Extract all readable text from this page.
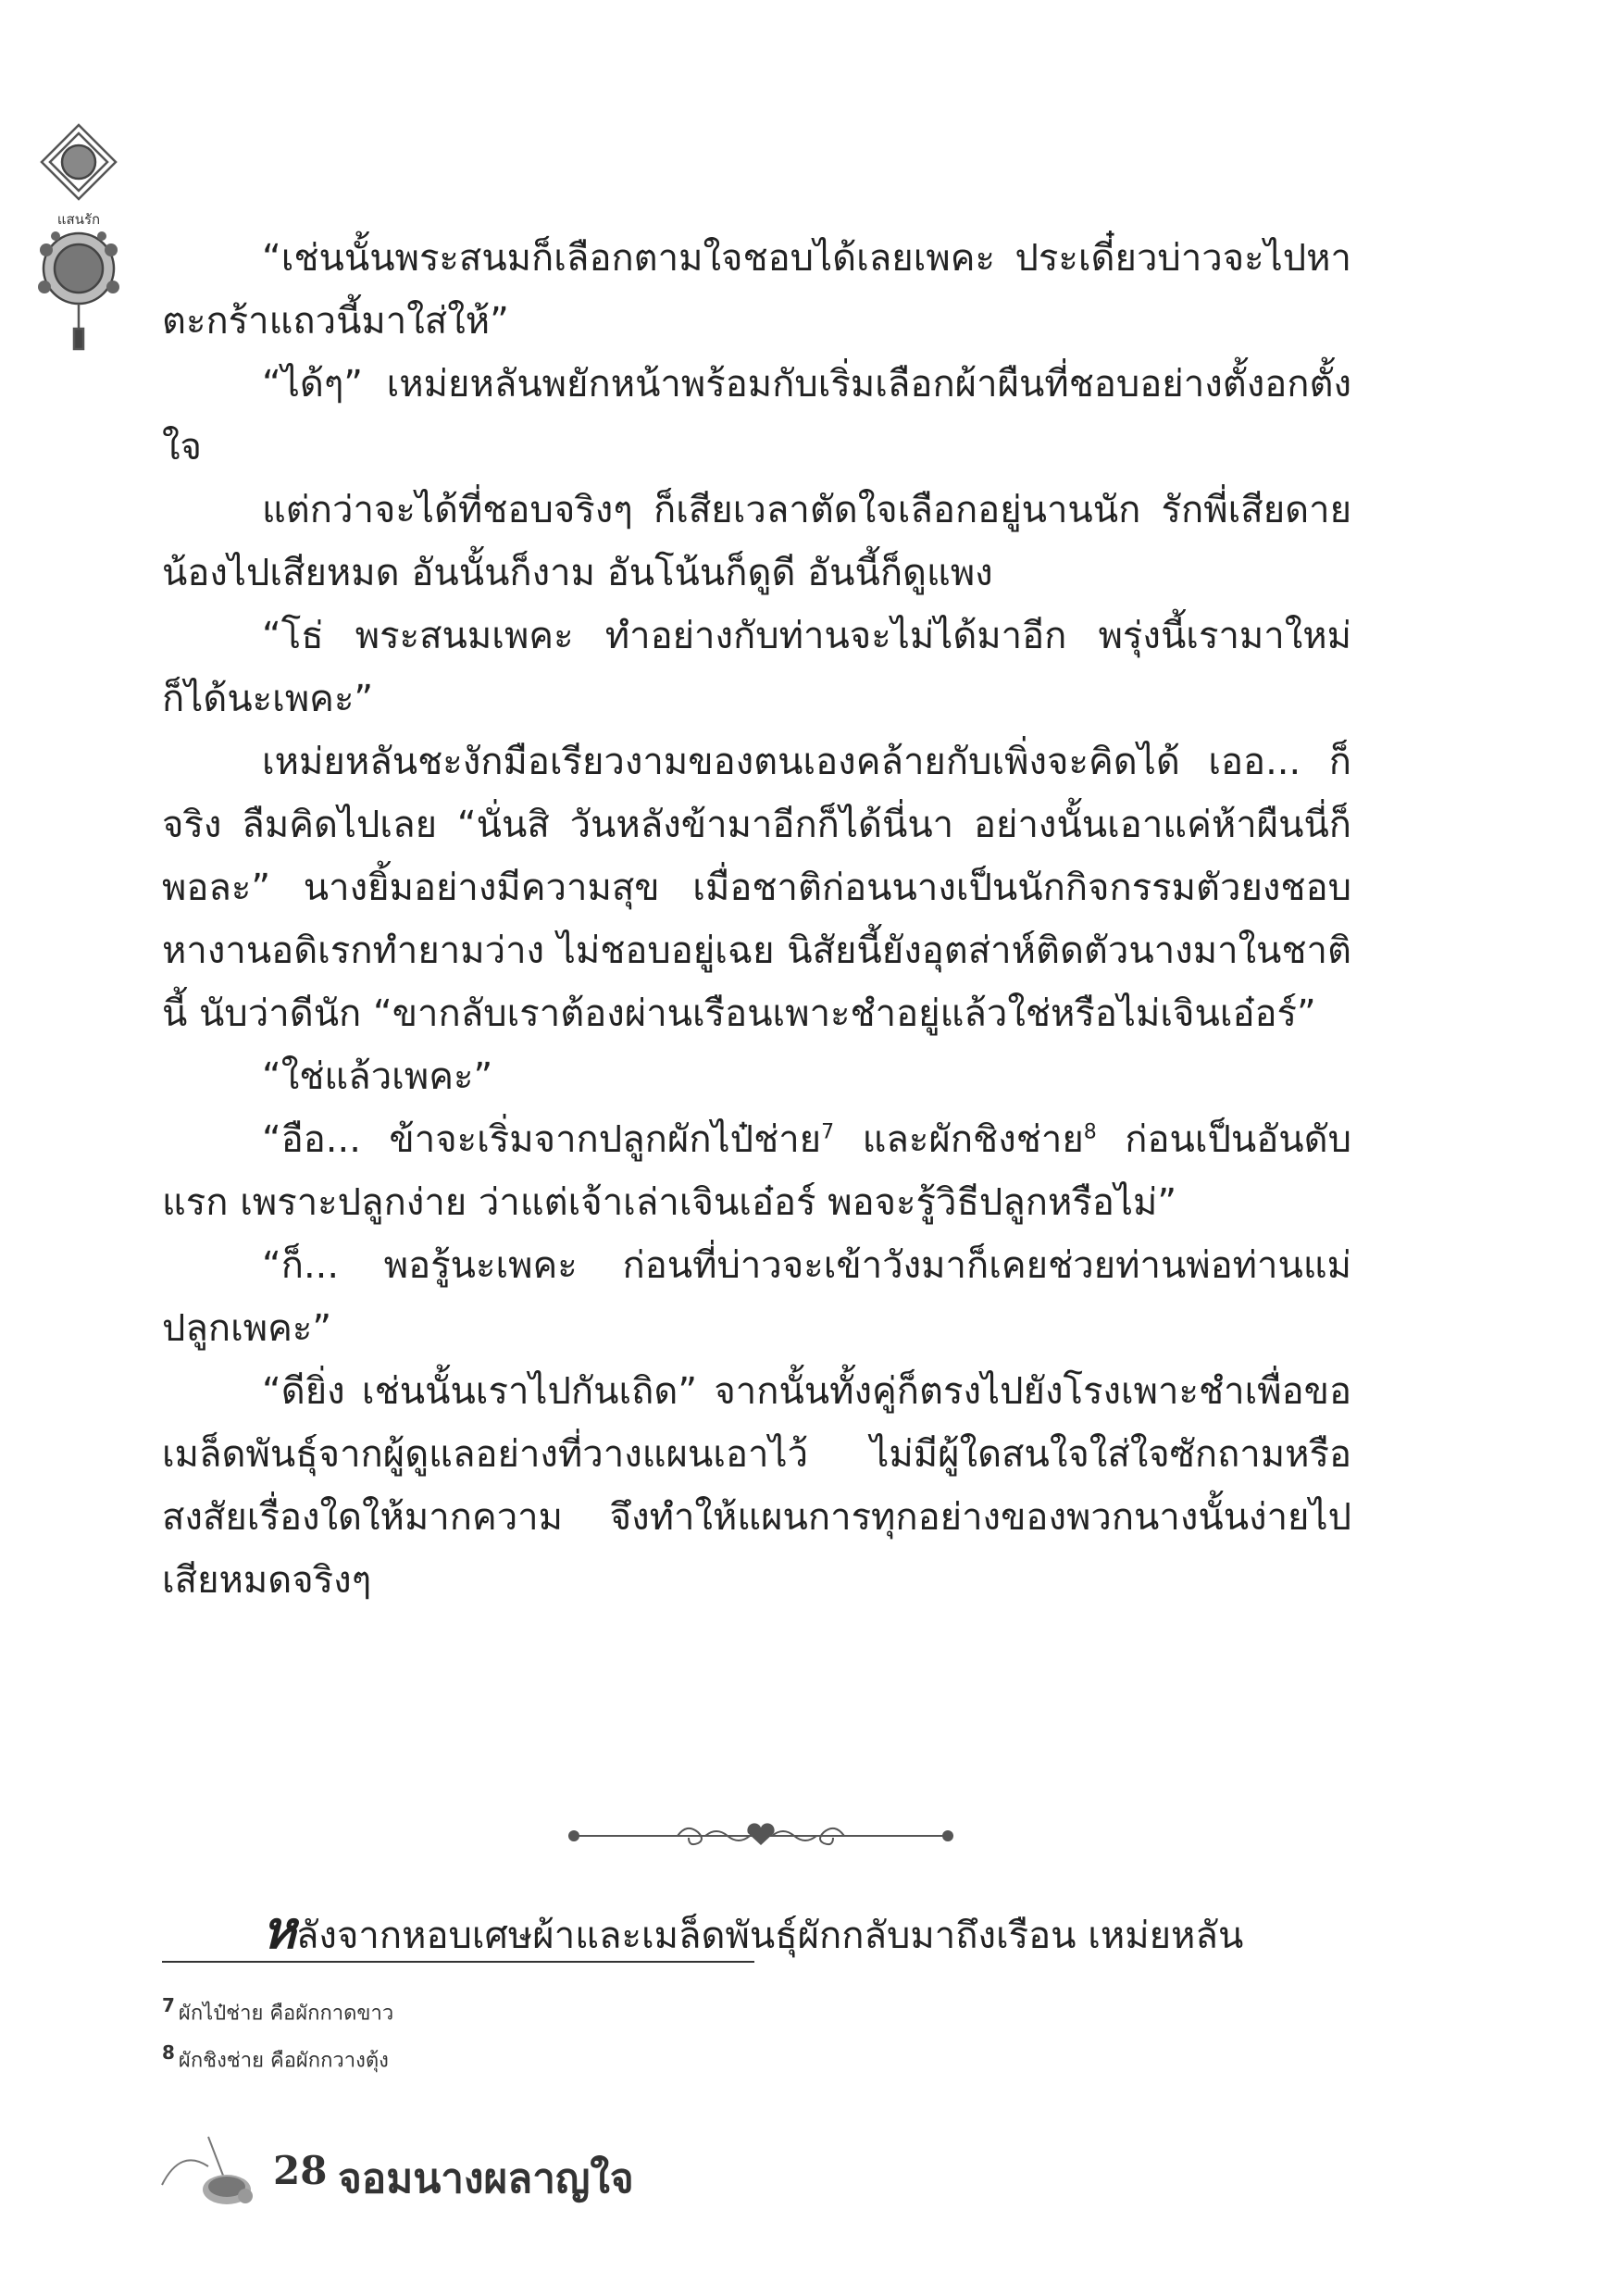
แสนรัก

“เช่นนั้นพระสนมก็เลือกตามใจชอบได้เลยเพคะ ประเดี๋ยวบ่าวจะไปหาตะกร้าแถวนี้มาใส่ให้”

“ได้ๆ” เหม่ยหลันพยักหน้าพร้อมกับเริ่มเลือกผ้าผืนที่ชอบอย่างตั้งอกตั้งใจ

แต่กว่าจะได้ที่ชอบจริงๆ ก็เสียเวลาตัดใจเลือกอยู่นานนัก รักพี่เสียดายน้องไปเสียหมด อันนั้นก็งาม อันโน้นก็ดูดี อันนี้ก็ดูแพง

“โธ่ พระสนมเพคะ ทำอย่างกับท่านจะไม่ได้มาอีก พรุ่งนี้เรามาใหม่ก็ได้นะเพคะ”

เหม่ยหลันชะงักมือเรียวงามของตนเองคล้ายกับเพิ่งจะคิดได้ เออ... ก็จริง ลืมคิดไปเลย “นั่นสิ วันหลังข้ามาอีกก็ได้นี่นา อย่างนั้นเอาแค่ห้าผืนนี่ก็พอละ” นางยิ้มอย่างมีความสุข เมื่อชาติก่อนนางเป็นนักกิจกรรมตัวยงชอบหางานอดิเรกทำยามว่าง ไม่ชอบอยู่เฉย นิสัยนี้ยังอุตส่าห์ติดตัวนางมาในชาตินี้ นับว่าดีนัก “ขากลับเราต้องผ่านเรือนเพาะชำอยู่แล้วใช่หรือไม่เจินเอ๋อร์”

“ใช่แล้วเพคะ”

“อือ... ข้าจะเริ่มจากปลูกผักไป๋ช่าย$^7$ และผักชิงช่าย$^8$ ก่อนเป็นอันดับแรก เพราะปลูกง่าย ว่าแต่เจ้าเล่าเจินเอ๋อร์ พอจะรู้วิธีปลูกหรือไม่”

“ก็... พอรู้นะเพคะ ก่อนที่บ่าวจะเข้าวังมาก็เคยช่วยท่านพ่อท่านแม่ปลูกเพคะ”

“ดียิ่ง เช่นนั้นเราไปกันเถิด” จากนั้นทั้งคู่ก็ตรงไปยังโรงเพาะชำเพื่อขอเมล็ดพันธุ์จากผู้ดูแลอย่างที่วางแผนเอาไว้ ไม่มีผู้ใดสนใจใส่ใจซักถามหรือสงสัยเรื่องใดให้มากความ จึงทำให้แผนการทุกอย่างของพวกนางนั้นง่ายไปเสียหมดจริงๆ

หลังจากหอบเศษผ้าและเมล็ดพันธุ์ผักกลับมาถึงเรือน เหม่ยหลัน
7 ผักไป๋ช่าย คือผักกาดขาว
8 ผักชิงช่าย คือผักกวางตุ้ง
28 จอมนางผลาญใจ
